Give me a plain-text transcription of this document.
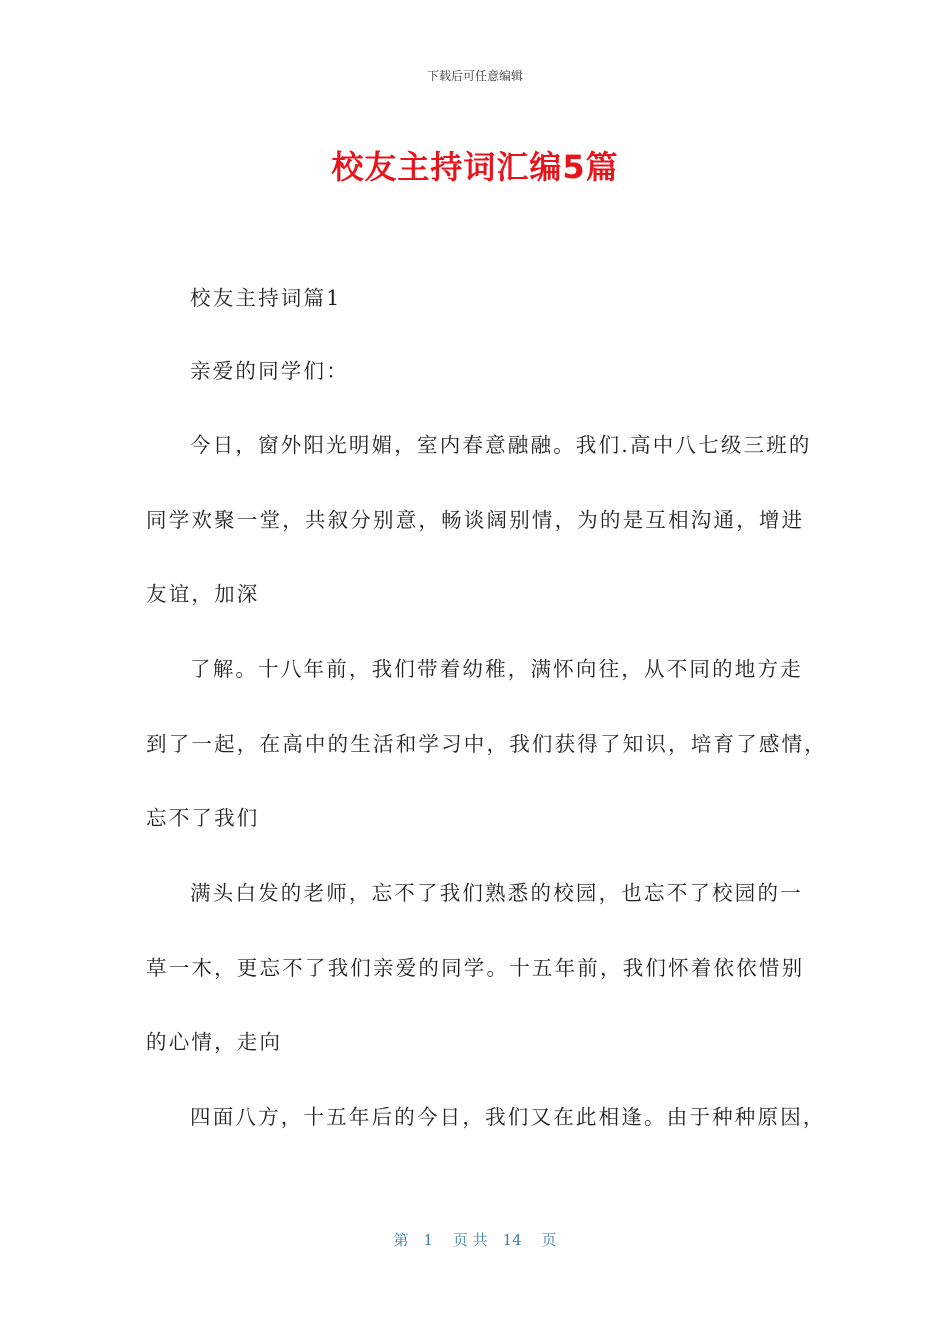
下载后可任意编辑
校友主持词汇编5篇

校友主持词篇1

亲爱的同学们：

今日，窗外阳光明媚，室内春意融融。我们.高中八七级三班的

同学欢聚一堂，共叙分别意，畅谈阔别情，为的是互相沟通，增进

友谊，加深

了解。十八年前，我们带着幼稚，满怀向往，从不同的地方走

到了一起，在高中的生活和学习中，我们获得了知识，培育了感情，

忘不了我们

满头白发的老师，忘不了我们熟悉的校园，也忘不了校园的一

草一木，更忘不了我们亲爱的同学。十五年前，我们怀着依依惜别

的心情，走向

四面八方，十五年后的今日，我们又在此相逢。由于种种原因，

第　1　 页 共　14　 页
